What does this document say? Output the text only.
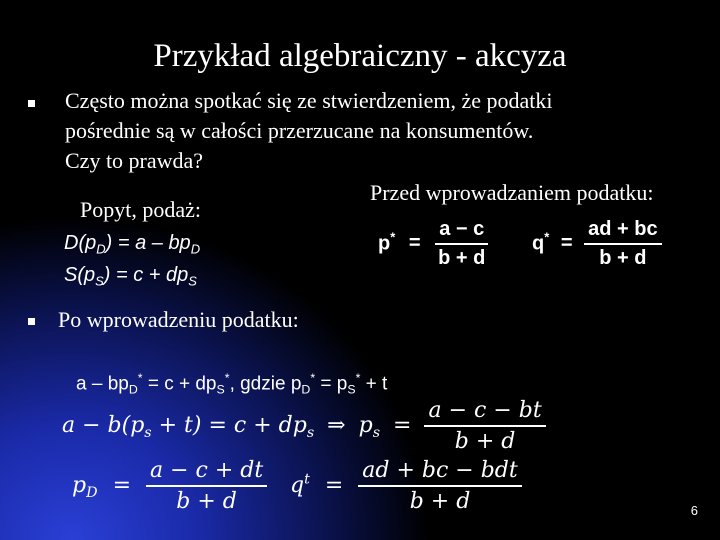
Przykład algebraiczny - akcyza
Często można spotkać się ze stwierdzeniem, że podatki
pośrednie są w całości przerzucane na konsumentów.
Czy to prawda?
Przed wprowadzaniem podatku:
Popyt, podaż:
$D(p_D) = a - bp_D$
$S(p_S) = c + dp_S$
$p^* = \frac{a - c}{b + d} q^* = \frac{ad + bc}{b + d}$
Po wprowadzeniu podatku:
$a - bp_D^* = c + dp_S^*$, gdzie $p_D^* = p_S^* + t$
$a - b(p_s + t) = c + dp_s$ ⇒ $p_s = \frac{a - c - bt}{b + d}$
$p_D = \frac{a - c + dt}{b + d} q^t = \frac{\text{ad + bc − bdt}}{b + d}$	6
